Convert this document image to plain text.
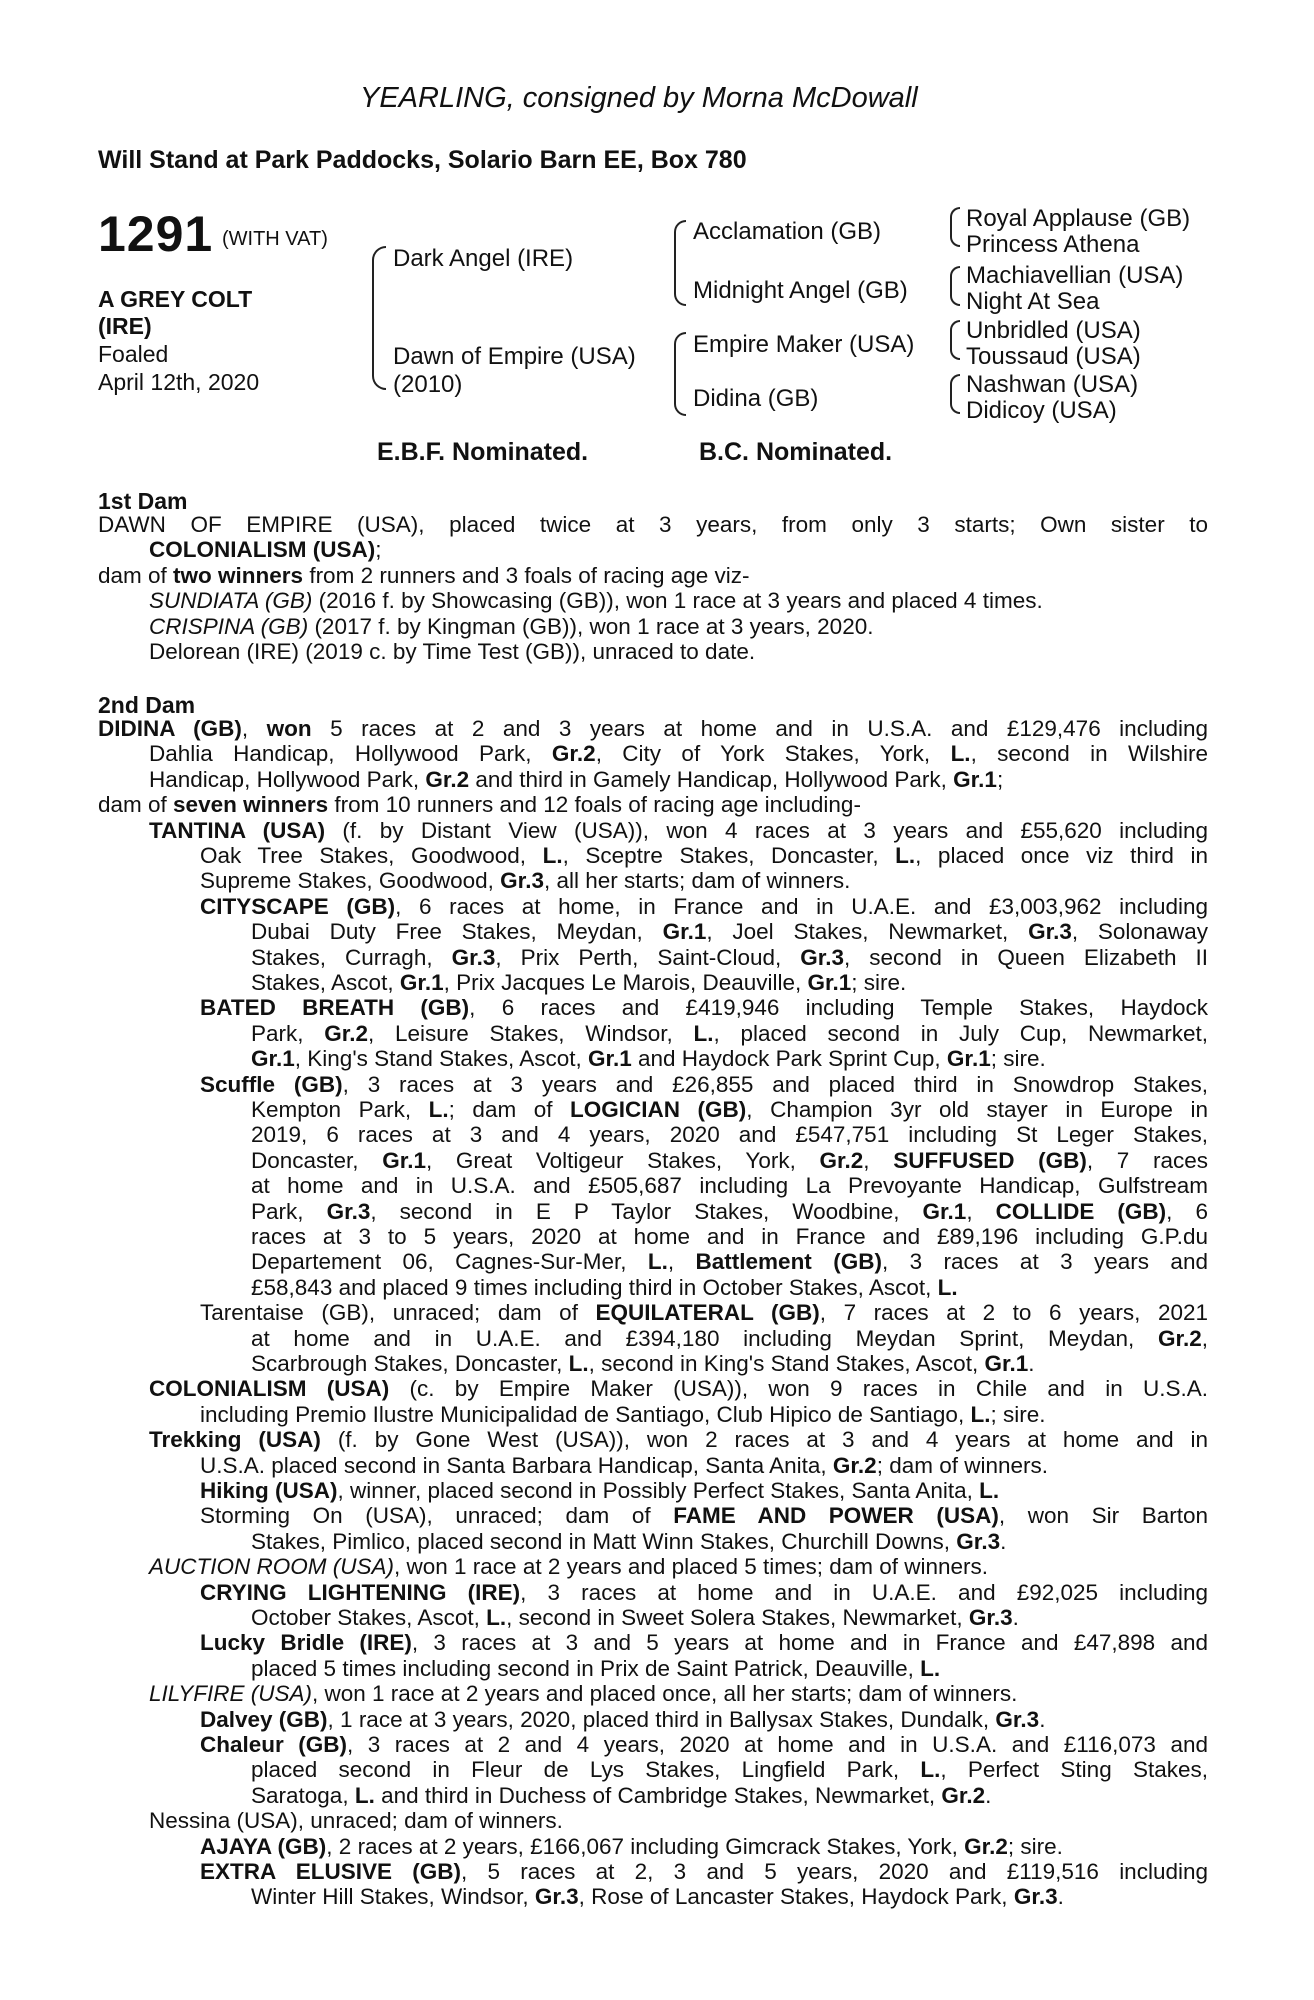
YEARLING, consigned by Morna McDowall
Will Stand at Park Paddocks, Solario Barn EE, Box 780
1291 (WITH VAT)
A GREY COLT
(IRE)
Foaled
April 12th, 2020
Dark Angel (IRE)
Dawn of Empire (USA)
(2010)
Acclamation (GB)
Midnight Angel (GB)
Empire Maker (USA)
Didina (GB)
Royal Applause (GB)
Princess Athena
Machiavellian (USA)
Night At Sea
Unbridled (USA)
Toussaud (USA)
Nashwan (USA)
Didicoy (USA)
E.B.F. Nominated.	B.C. Nominated.
1st Dam
DAWN OF EMPIRE (USA), placed twice at 3 years, from only 3 starts; Own sister to
COLONIALISM (USA);
dam of two winners from 2 runners and 3 foals of racing age viz-
SUNDIATA (GB) (2016 f. by Showcasing (GB)), won 1 race at 3 years and placed 4 times.
CRISPINA (GB) (2017 f. by Kingman (GB)), won 1 race at 3 years, 2020.
Delorean (IRE) (2019 c. by Time Test (GB)), unraced to date.
2nd Dam
DIDINA (GB), won 5 races at 2 and 3 years at home and in U.S.A. and £129,476 including
Dahlia Handicap, Hollywood Park, Gr.2, City of York Stakes, York, L., second in Wilshire
Handicap, Hollywood Park, Gr.2 and third in Gamely Handicap, Hollywood Park, Gr.1;
dam of seven winners from 10 runners and 12 foals of racing age including-
TANTINA (USA) (f. by Distant View (USA)), won 4 races at 3 years and £55,620 including
Oak Tree Stakes, Goodwood, L., Sceptre Stakes, Doncaster, L., placed once viz third in
Supreme Stakes, Goodwood, Gr.3, all her starts; dam of winners.
CITYSCAPE (GB), 6 races at home, in France and in U.A.E. and £3,003,962 including
Dubai Duty Free Stakes, Meydan, Gr.1, Joel Stakes, Newmarket, Gr.3, Solonaway
Stakes, Curragh, Gr.3, Prix Perth, Saint-Cloud, Gr.3, second in Queen Elizabeth II
Stakes, Ascot, Gr.1, Prix Jacques Le Marois, Deauville, Gr.1; sire.
BATED BREATH (GB), 6 races and £419,946 including Temple Stakes, Haydock
Park, Gr.2, Leisure Stakes, Windsor, L., placed second in July Cup, Newmarket,
Gr.1, King's Stand Stakes, Ascot, Gr.1 and Haydock Park Sprint Cup, Gr.1; sire.
Scuffle (GB), 3 races at 3 years and £26,855 and placed third in Snowdrop Stakes,
Kempton Park, L.; dam of LOGICIAN (GB), Champion 3yr old stayer in Europe in
2019, 6 races at 3 and 4 years, 2020 and £547,751 including St Leger Stakes,
Doncaster, Gr.1, Great Voltigeur Stakes, York, Gr.2, SUFFUSED (GB), 7 races
at home and in U.S.A. and £505,687 including La Prevoyante Handicap, Gulfstream
Park, Gr.3, second in E P Taylor Stakes, Woodbine, Gr.1, COLLIDE (GB), 6
races at 3 to 5 years, 2020 at home and in France and £89,196 including G.P.du
Departement 06, Cagnes-Sur-Mer, L., Battlement (GB), 3 races at 3 years and
£58,843 and placed 9 times including third in October Stakes, Ascot, L.
Tarentaise (GB), unraced; dam of EQUILATERAL (GB), 7 races at 2 to 6 years, 2021
at home and in U.A.E. and £394,180 including Meydan Sprint, Meydan, Gr.2,
Scarbrough Stakes, Doncaster, L., second in King's Stand Stakes, Ascot, Gr.1.
COLONIALISM (USA) (c. by Empire Maker (USA)), won 9 races in Chile and in U.S.A.
including Premio Ilustre Municipalidad de Santiago, Club Hipico de Santiago, L.; sire.
Trekking (USA) (f. by Gone West (USA)), won 2 races at 3 and 4 years at home and in
U.S.A. placed second in Santa Barbara Handicap, Santa Anita, Gr.2; dam of winners.
Hiking (USA), winner, placed second in Possibly Perfect Stakes, Santa Anita, L.
Storming On (USA), unraced; dam of FAME AND POWER (USA), won Sir Barton
Stakes, Pimlico, placed second in Matt Winn Stakes, Churchill Downs, Gr.3.
AUCTION ROOM (USA), won 1 race at 2 years and placed 5 times; dam of winners.
CRYING LIGHTENING (IRE), 3 races at home and in U.A.E. and £92,025 including
October Stakes, Ascot, L., second in Sweet Solera Stakes, Newmarket, Gr.3.
Lucky Bridle (IRE), 3 races at 3 and 5 years at home and in France and £47,898 and
placed 5 times including second in Prix de Saint Patrick, Deauville, L.
LILYFIRE (USA), won 1 race at 2 years and placed once, all her starts; dam of winners.
Dalvey (GB), 1 race at 3 years, 2020, placed third in Ballysax Stakes, Dundalk, Gr.3.
Chaleur (GB), 3 races at 2 and 4 years, 2020 at home and in U.S.A. and £116,073 and
placed second in Fleur de Lys Stakes, Lingfield Park, L., Perfect Sting Stakes,
Saratoga, L. and third in Duchess of Cambridge Stakes, Newmarket, Gr.2.
Nessina (USA), unraced; dam of winners.
AJAYA (GB), 2 races at 2 years, £166,067 including Gimcrack Stakes, York, Gr.2; sire.
EXTRA ELUSIVE (GB), 5 races at 2, 3 and 5 years, 2020 and £119,516 including
Winter Hill Stakes, Windsor, Gr.3, Rose of Lancaster Stakes, Haydock Park, Gr.3.
